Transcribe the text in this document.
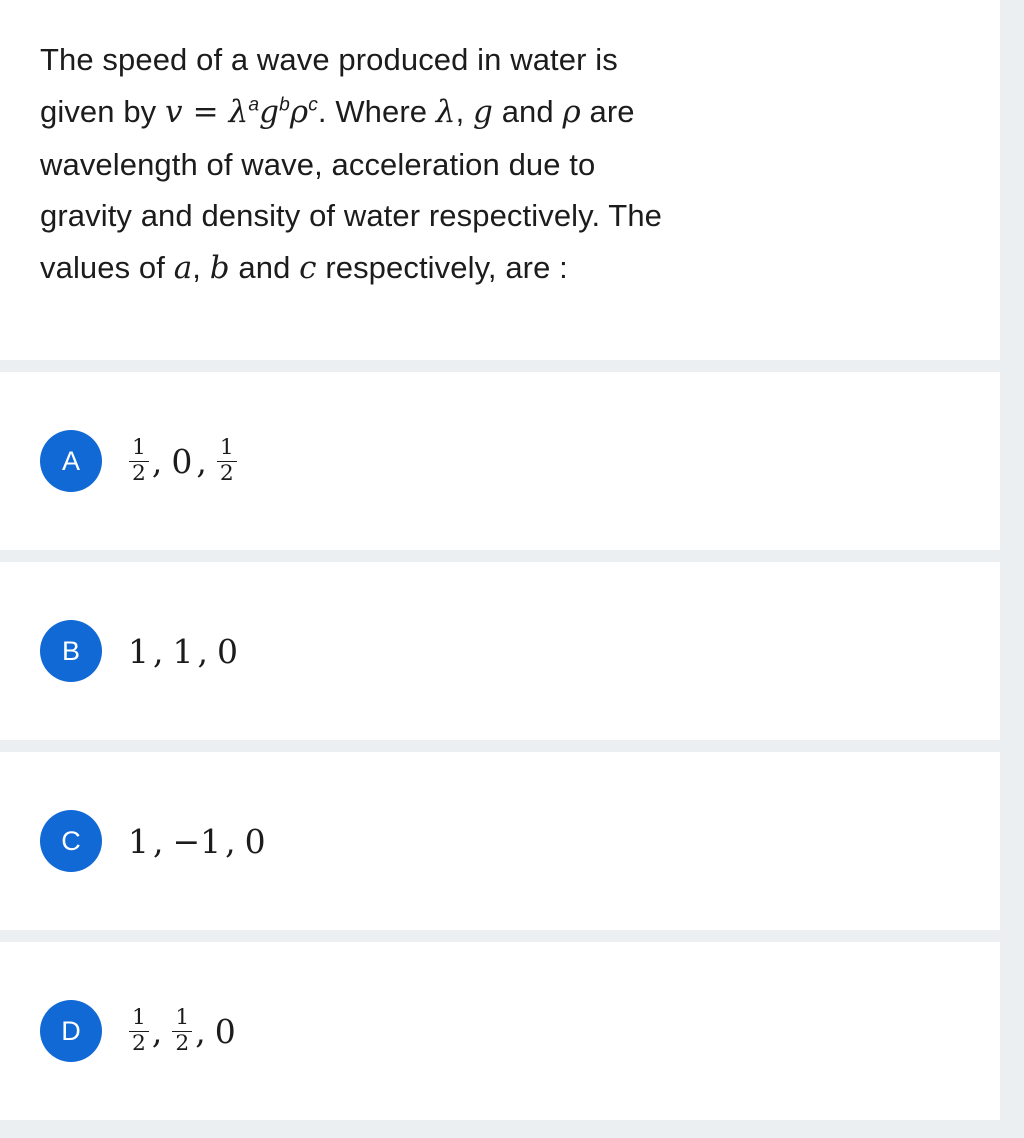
The speed of a wave produced in water is
given by $v = \lambda^ag^b\rho^c$. Where λ, g and ρ are
wavelength of wave, acceleration due to
gravity and density of water respectively. The
values of a, b and c respectively, are :
A	$\frac{1}{2}$ , 0 , $\frac{1}{2}$
B	1 , 1 , 0
C	1 , −1 , 0
D	$\frac{1}{2}$ , $\frac{1}{2}$ , 0
